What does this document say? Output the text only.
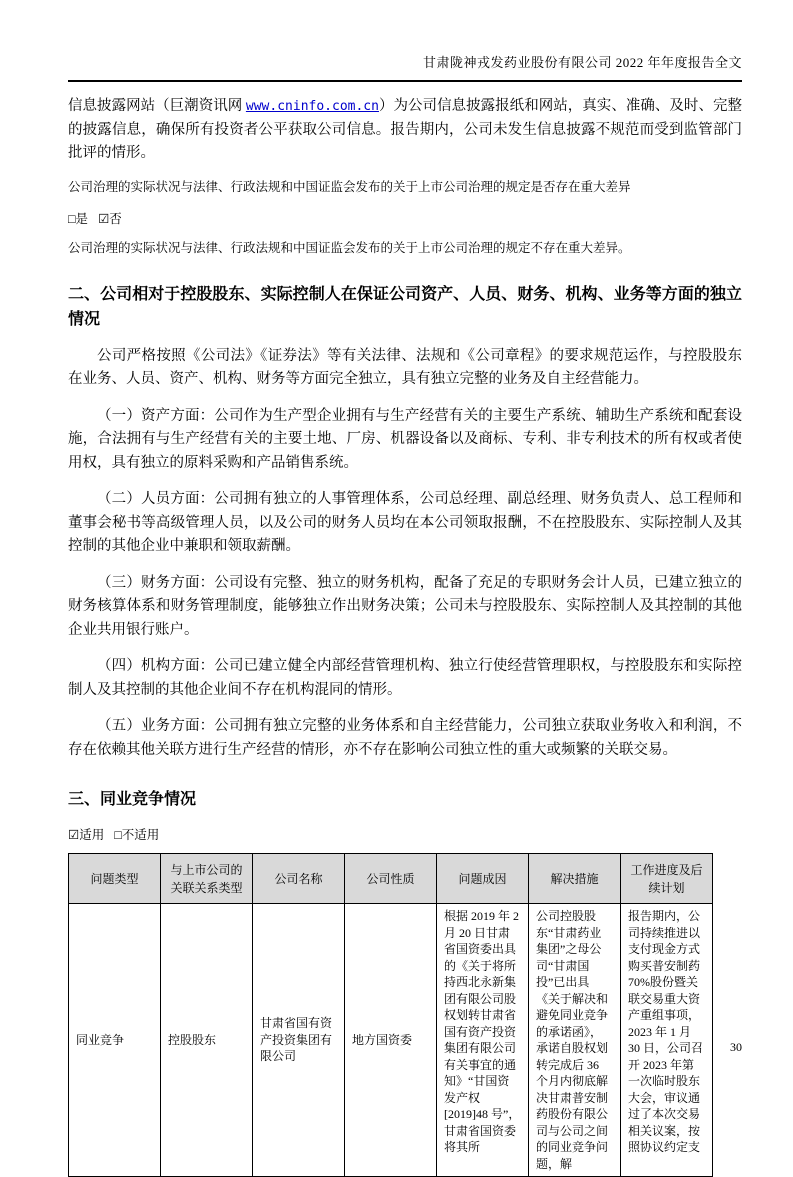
甘肃陇神戎发药业股份有限公司 2022 年年度报告全文

信息披露网站（巨潮资讯网 www.cninfo.com.cn）为公司信息披露报纸和网站，真实、准确、及时、完整的披露信息，确保所有投资者公平获取公司信息。报告期内，公司未发生信息披露不规范而受到监管部门批评的情形。

公司治理的实际状况与法律、行政法规和中国证监会发布的关于上市公司治理的规定是否存在重大差异
□是 ☑否
公司治理的实际状况与法律、行政法规和中国证监会发布的关于上市公司治理的规定不存在重大差异。
二、公司相对于控股股东、实际控制人在保证公司资产、人员、财务、机构、业务等方面的独立情况

公司严格按照《公司法》《证券法》等有关法律、法规和《公司章程》的要求规范运作，与控股股东在业务、人员、资产、机构、财务等方面完全独立，具有独立完整的业务及自主经营能力。

（一）资产方面：公司作为生产型企业拥有与生产经营有关的主要生产系统、辅助生产系统和配套设施，合法拥有与生产经营有关的主要土地、厂房、机器设备以及商标、专利、非专利技术的所有权或者使用权，具有独立的原料采购和产品销售系统。

（二）人员方面：公司拥有独立的人事管理体系，公司总经理、副总经理、财务负责人、总工程师和董事会秘书等高级管理人员，以及公司的财务人员均在本公司领取报酬，不在控股股东、实际控制人及其控制的其他企业中兼职和领取薪酬。

（三）财务方面：公司设有完整、独立的财务机构，配备了充足的专职财务会计人员，已建立独立的财务核算体系和财务管理制度，能够独立作出财务决策；公司未与控股股东、实际控制人及其控制的其他企业共用银行账户。

（四）机构方面：公司已建立健全内部经营管理机构、独立行使经营管理职权，与控股股东和实际控制人及其控制的其他企业间不存在机构混同的情形。

（五）业务方面：公司拥有独立完整的业务体系和自主经营能力，公司独立获取业务收入和利润，不存在依赖其他关联方进行生产经营的情形，亦不存在影响公司独立性的重大或频繁的关联交易。

三、同业竞争情况
☑适用 □不适用
问题类型	与上市公司的关联关系类型	公司名称	公司性质	问题成因	解决措施	工作进度及后续计划
同业竞争	控股股东	甘肃省国有资产投资集团有限公司	地方国资委	根据 2019 年 2 月 20 日甘肃省国资委出具的《关于将所持西北永新集团有限公司股权划转甘肃省国有资产投资集团有限公司有关事宜的通知》“甘国资发产权[2019]48 号”，甘肃省国资委将其所	公司控股股东“甘肃药业集团”之母公司“甘肃国投”已出具《关于解决和避免同业竞争的承诺函》，承诺自股权划转完成后 36 个月内彻底解决甘肃普安制药股份有限公司与公司之间的同业竞争问题，解	报告期内，公司持续推进以支付现金方式购买普安制药70%股份暨关联交易重大资产重组事项，2023 年 1 月 30 日，公司召开 2023 年第一次临时股东大会，审议通过了本次交易相关议案，按照协议约定支
30
